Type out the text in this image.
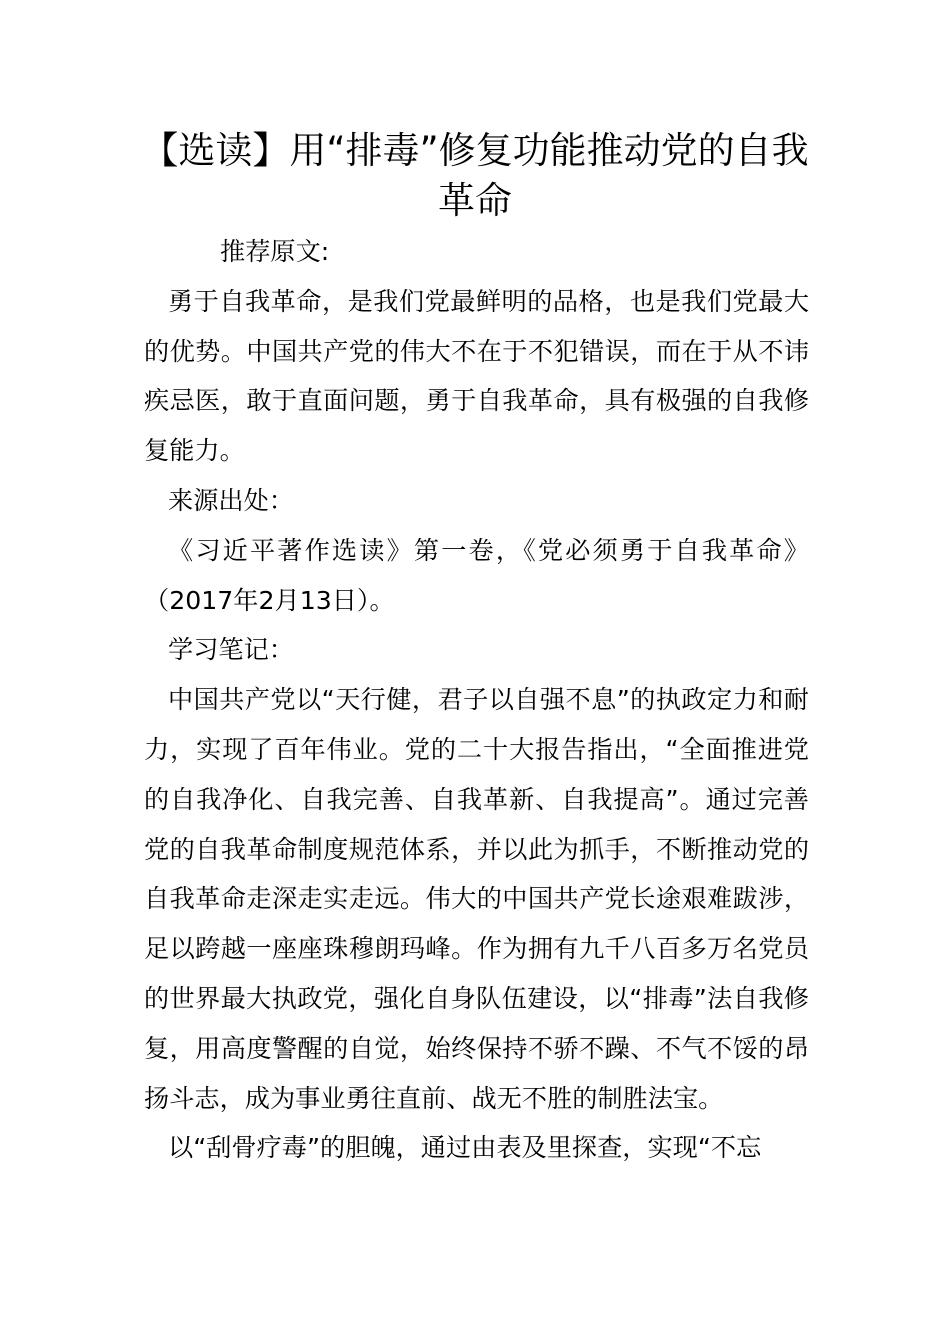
【选读】用“排毒”修复功能推动党的自我革命

推荐原文:

勇于自我革命，是我们党最鲜明的品格，也是我们党最大的优势。中国共产党的伟大不在于不犯错误，而在于从不讳疾忌医，敢于直面问题，勇于自我革命，具有极强的自我修复能力。

来源出处：

《习近平著作选读》第一卷，《党必须勇于自我革命》（2017年2月13日）。

学习笔记：

中国共产党以“天行健，君子以自强不息”的执政定力和耐力，实现了百年伟业。党的二十大报告指出，“全面推进党的自我净化、自我完善、自我革新、自我提高”。通过完善党的自我革命制度规范体系，并以此为抓手，不断推动党的自我革命走深走实走远。伟大的中国共产党长途艰难跋涉，足以跨越一座座珠穆朗玛峰。作为拥有九千八百多万名党员的世界最大执政党，强化自身队伍建设，以“排毒”法自我修复，用高度警醒的自觉，始终保持不骄不躁、不气不馁的昂扬斗志，成为事业勇往直前、战无不胜的制胜法宝。

以“刮骨疗毒”的胆魄，通过由表及里探查，实现“不忘
